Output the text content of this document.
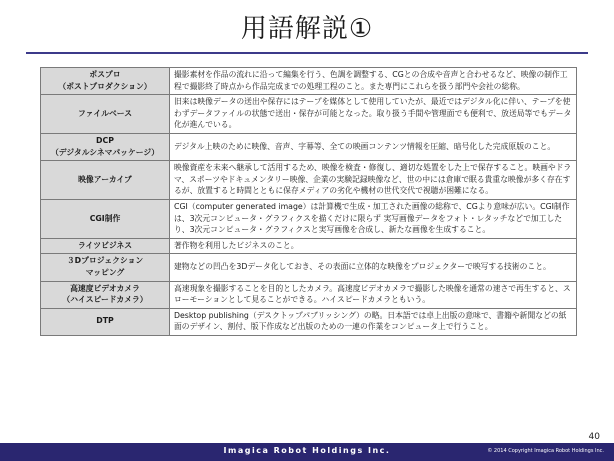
用語解説①
ポスプロ
（ポストプロダクション）	撮影素材を作品の流れに沿って編集を行う、色調を調整する、CGとの合成や音声と合わせるなど、映像の制作工程で撮影終了時点から作品完成までの処理工程のこと。また専門にこれらを扱う部門や会社の総称。

ファイルベース	旧来は映像データの送出や保存にはテープを媒体として使用していたが、最近ではデジタル化に伴い、テープを使わずデータファイルの状態で送出・保存が可能となった。取り扱う手間や管理面でも便利で、放送局等でもデータ化が進んでいる。

DCP
（デジタルシネマパッケージ）	デジタル上映のために映像、音声、字幕等、全ての映画コンテンツ情報を圧縮、暗号化した完成原版のこと。

映像アーカイブ	映像資産を未来へ継承して活用するため、映像を検査・修復し、適切な処置をした上で保存すること。映画やドラマ、スポーツやドキュメンタリー映像、企業の実験記録映像など、世の中には倉庫で眠る貴重な映像が多く存在するが、放置すると時間とともに保存メディアの劣化や機材の世代交代で視聴が困難になる。

CGI制作	CGI（computer generated image）は計算機で生成・加工された画像の総称で、CGより意味が広い。CGI制作は、3次元コンピュータ・グラフィクスを描くだけに限らず 実写画像データをフォト・レタッチなどで加工したり、3次元コンピュータ・グラフィクスと実写画像を合成し、新たな画像を生成すること。

ライツビジネス	著作物を利用したビジネスのこと。

３Dプロジェクション
マッピング	建物などの凹凸を3Dデータ化しておき、その表面に立体的な映像をプロジェクターで映写する技術のこと。

高速度ビデオカメラ
（ハイスピードカメラ）	高速現象を撮影することを目的としたカメラ。高速度ビデオカメラで撮影した映像を通常の速さで再生すると、スローモーションとして見ることができる。ハイスピードカメラともいう。

DTP	Desktop publishing（デスクトップパブリッシング）の略。日本語では卓上出版の意味で、書籍や新聞などの紙面のデザイン、割付、版下作成など出版のための一連の作業をコンピュータ上で行うこと。
40
Imagica Robot Holdings Inc.	© 2014 Copyright Imagica Robot Holdings Inc.
